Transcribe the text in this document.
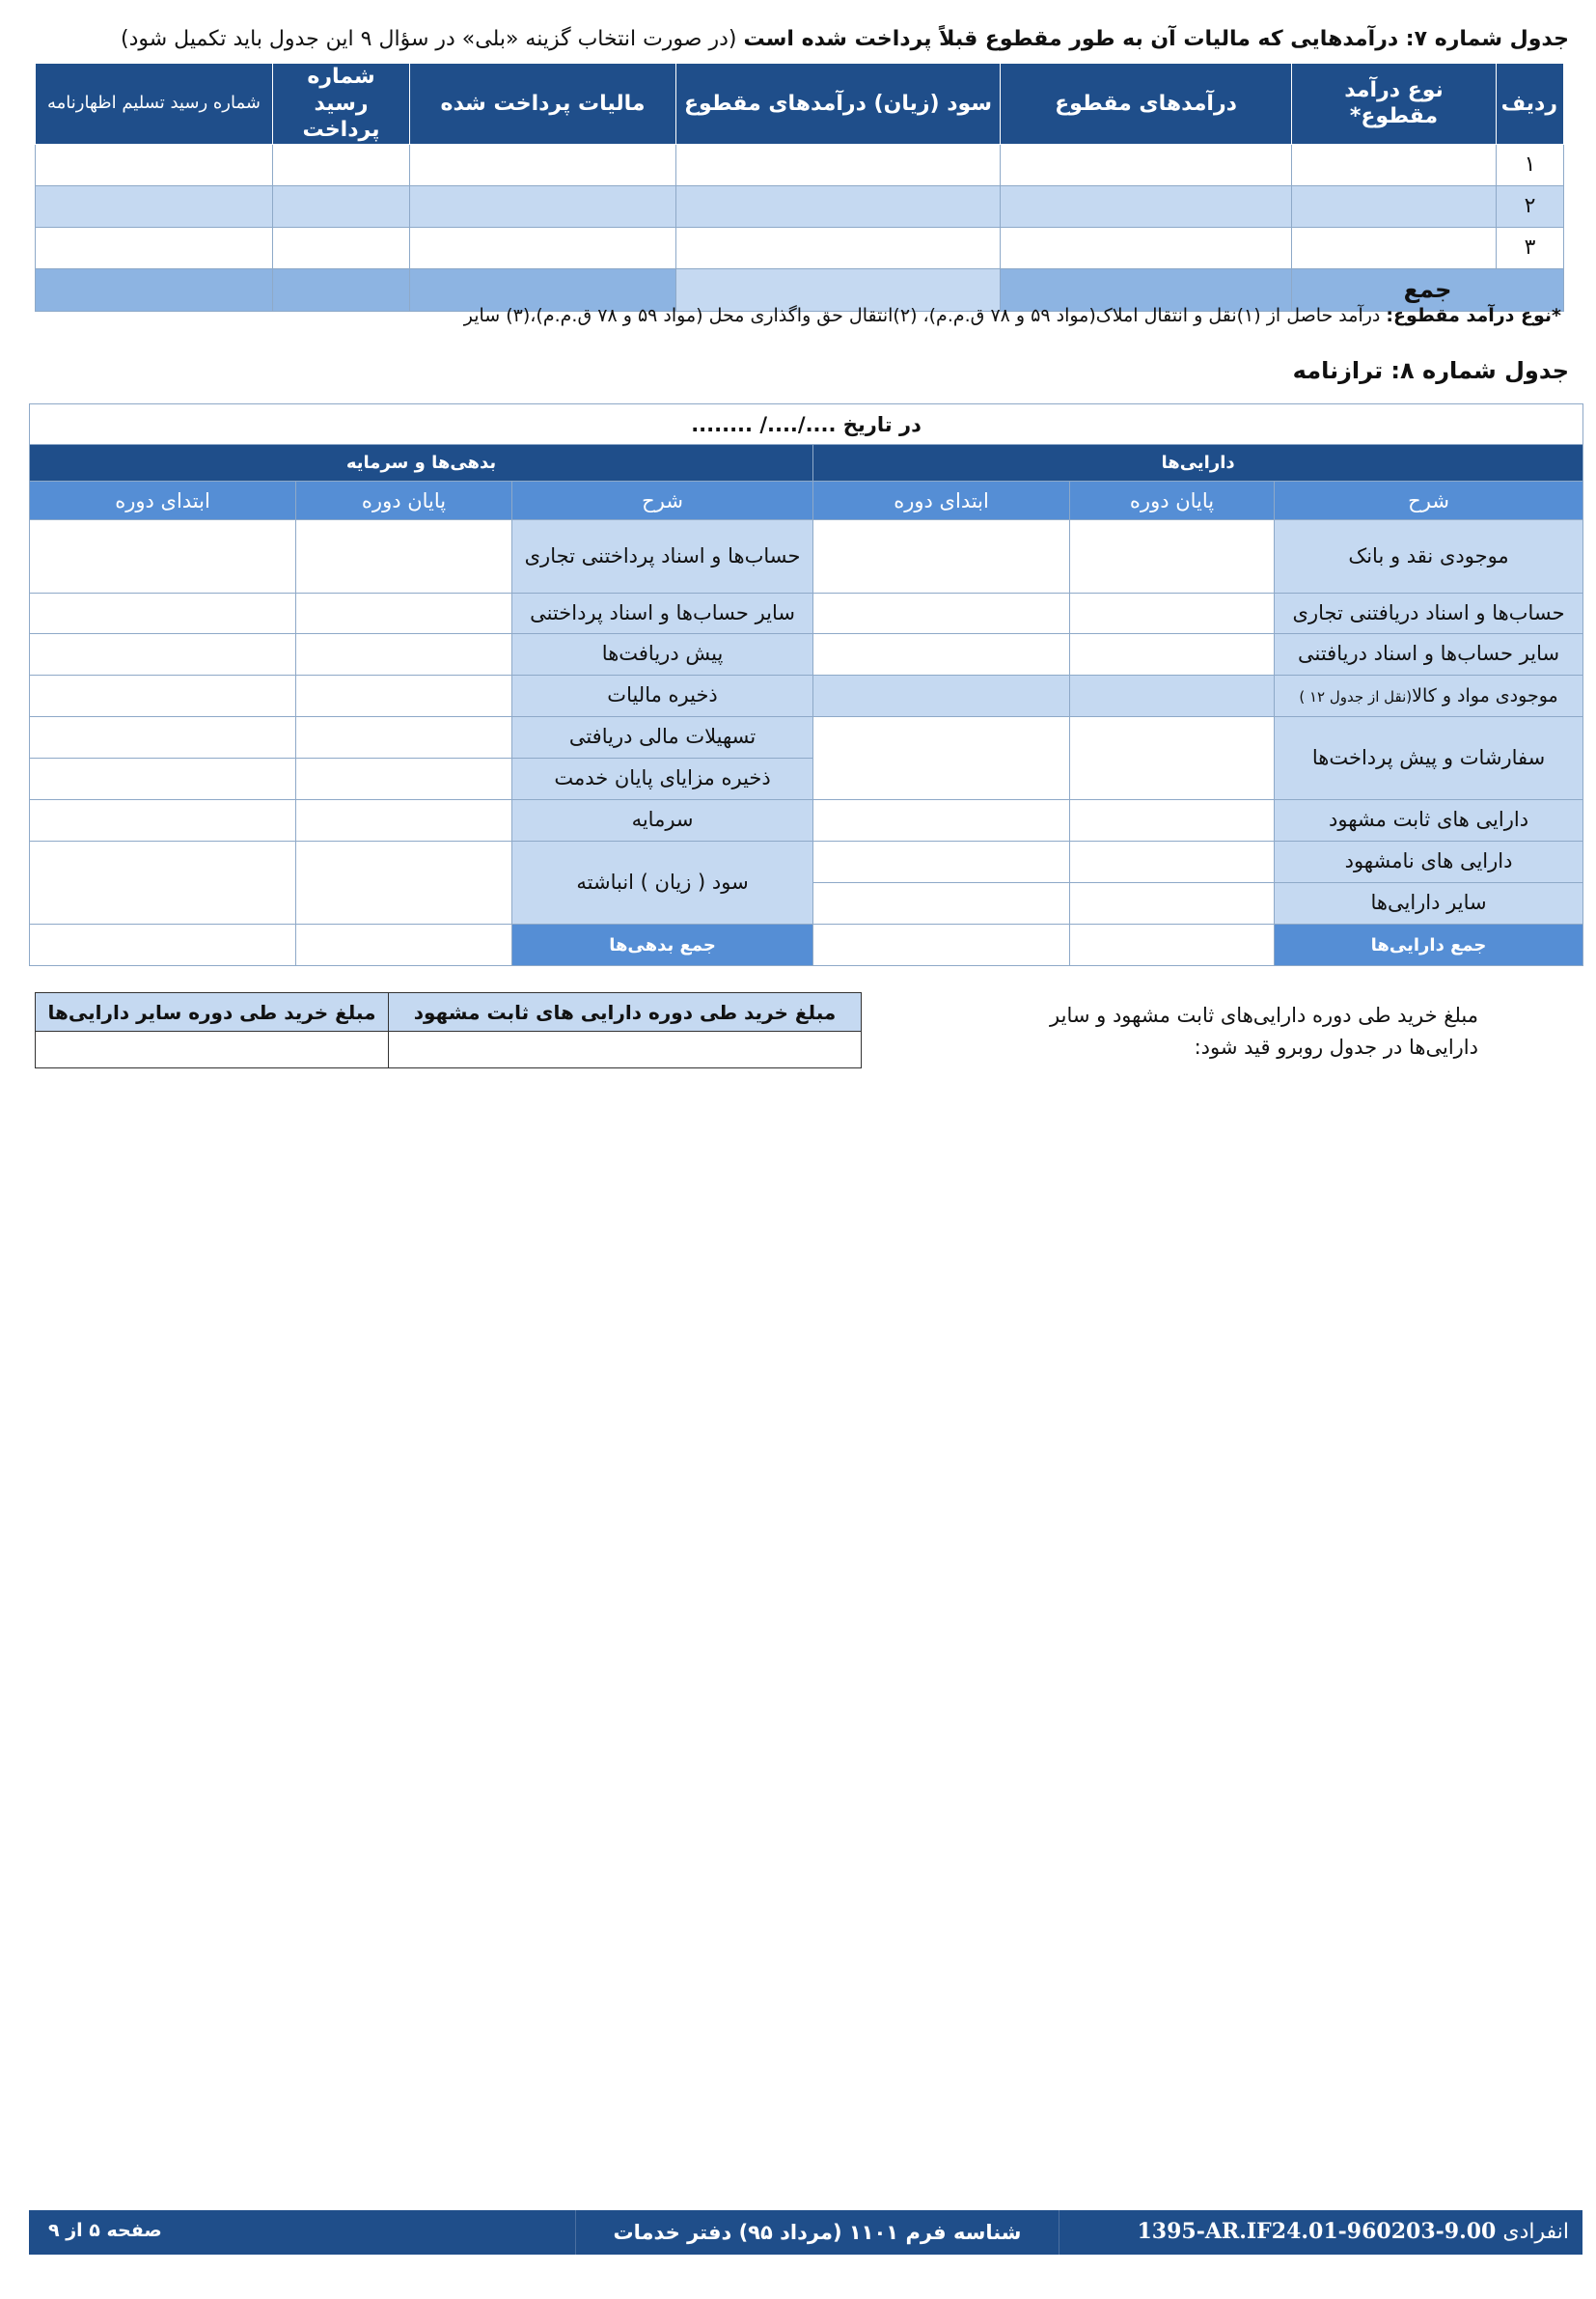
جدول شماره ۷: درآمدهایی که مالیات آن به طور مقطوع قبلاً پرداخت شده است (در صورت انتخاب گزینه «بلی» در سؤال ۹ این جدول باید تکمیل شود)
ردیف	نوع درآمد مقطوع*	درآمدهای مقطوع	سود (زیان) درآمدهای مقطوع	مالیات پرداخت شده	شماره رسید پرداخت	شماره رسید تسلیم اظهارنامه
۱						
۲						
۳						
جمع						
*نوع درآمد مقطوع: درآمد حاصل از (۱)نقل و انتقال املاک(مواد ۵۹ و ۷۸ ق.م.م)، (۲)انتقال حق واگذاری محل (مواد ۵۹ و ۷۸ ق.م.م)،(۳) سایر
جدول شماره ۸: ترازنامه
در تاریخ ..../..../ ........					
دارایی‌ها			بدهی‌ها و سرمایه		
شرح	پایان دوره	ابتدای دوره	شرح	پایان دوره	ابتدای دوره
موجودی نقد و بانک			حساب‌ها و اسناد پرداختنی تجاری		
حساب‌ها و اسناد دریافتنی تجاری			سایر حساب‌ها و اسناد پرداختنی		
سایر حساب‌ها و اسناد دریافتنی			پیش دریافت‌ها		
موجودی مواد و کالا(نقل از جدول ۱۲ )			ذخیره مالیات		
سفارشات و پیش پرداخت‌ها			تسهیلات مالی دریافتی		
			ذخیره مزایای پایان خدمت		
دارایی های ثابت مشهود			سرمایه		
دارایی های نامشهود			سود ( زیان ) انباشته		
سایر دارایی‌ها					
جمع دارایی‌ها			جمع بدهی‌ها		
مبلغ خرید طی دوره دارایی‌های ثابت مشهود و سایر دارایی‌ها در جدول روبرو قید شود:
مبلغ خرید طی دوره دارایی های ثابت مشهود	مبلغ خرید طی دوره سایر دارایی‌ها

1395-AR.IF24.01-960203-9.00 انفرادی
شناسه فرم ۱۱۰۱ (مرداد ۹۵) دفتر خدمات مؤدیان
صفحه ۵ از ۹
